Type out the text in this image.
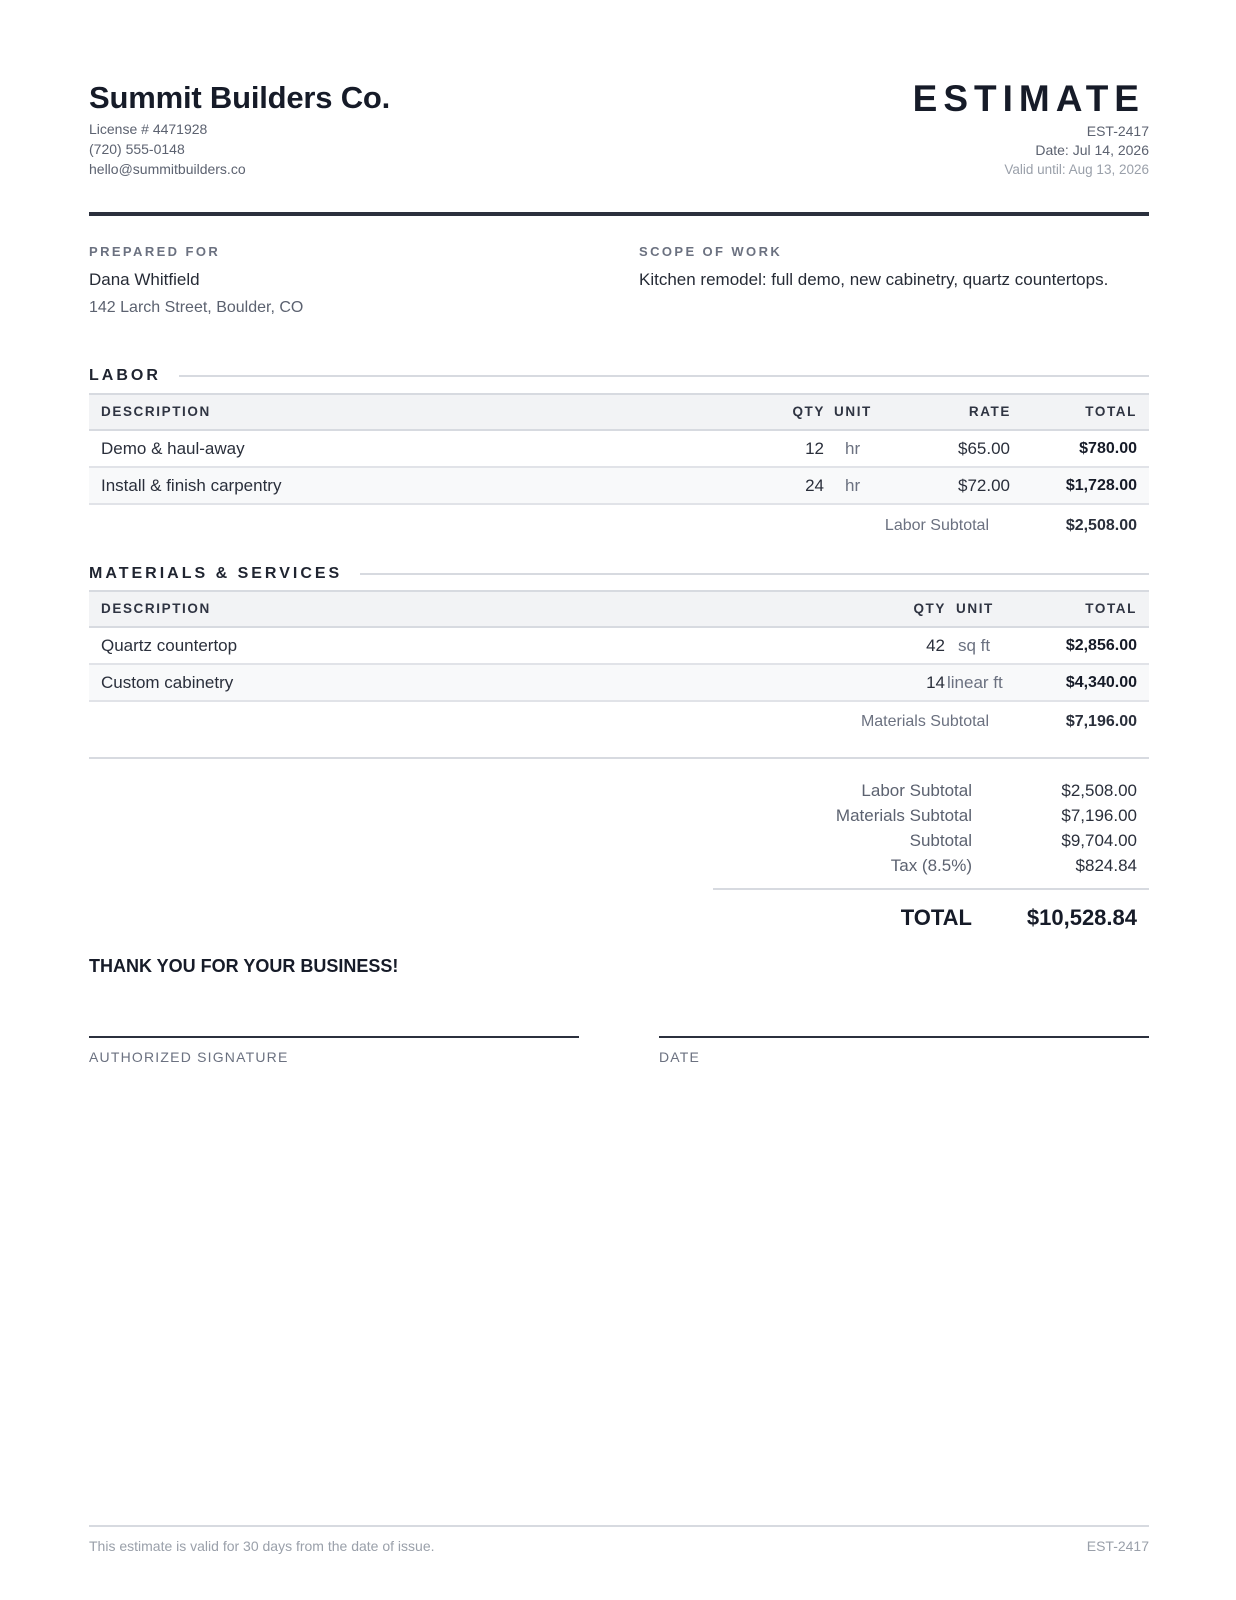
Summit Builders Co.
License # 4471928
(720) 555-0148
hello@summitbuilders.co
ESTIMATE
EST-2417
Date: Jul 14, 2026
Valid until: Aug 13, 2026
PREPARED FOR
Dana Whitfield
142 Larch Street, Boulder, CO
SCOPE OF WORK
Kitchen remodel: full demo, new cabinetry, quartz countertops.
LABOR
DESCRIPTION	QTY UNIT	RATE	TOTAL
Demo & haul-away	12 hr	$65.00	$780.00
Install & finish carpentry	24 hr	$72.00	$1,728.00
Labor Subtotal	$2,508.00
MATERIALS & SERVICES
DESCRIPTION	QTY UNIT	TOTAL
Quartz countertop	42 sq ft	$2,856.00
Custom cabinetry	14 linear ft	$4,340.00
Materials Subtotal	$7,196.00
Labor Subtotal	$2,508.00
Materials Subtotal	$7,196.00
Subtotal	$9,704.00
Tax (8.5%)	$824.84
TOTAL $10,528.84
THANK YOU FOR YOUR BUSINESS!
AUTHORIZED SIGNATURE	DATE
This estimate is valid for 30 days from the date of issue.	EST-2417
